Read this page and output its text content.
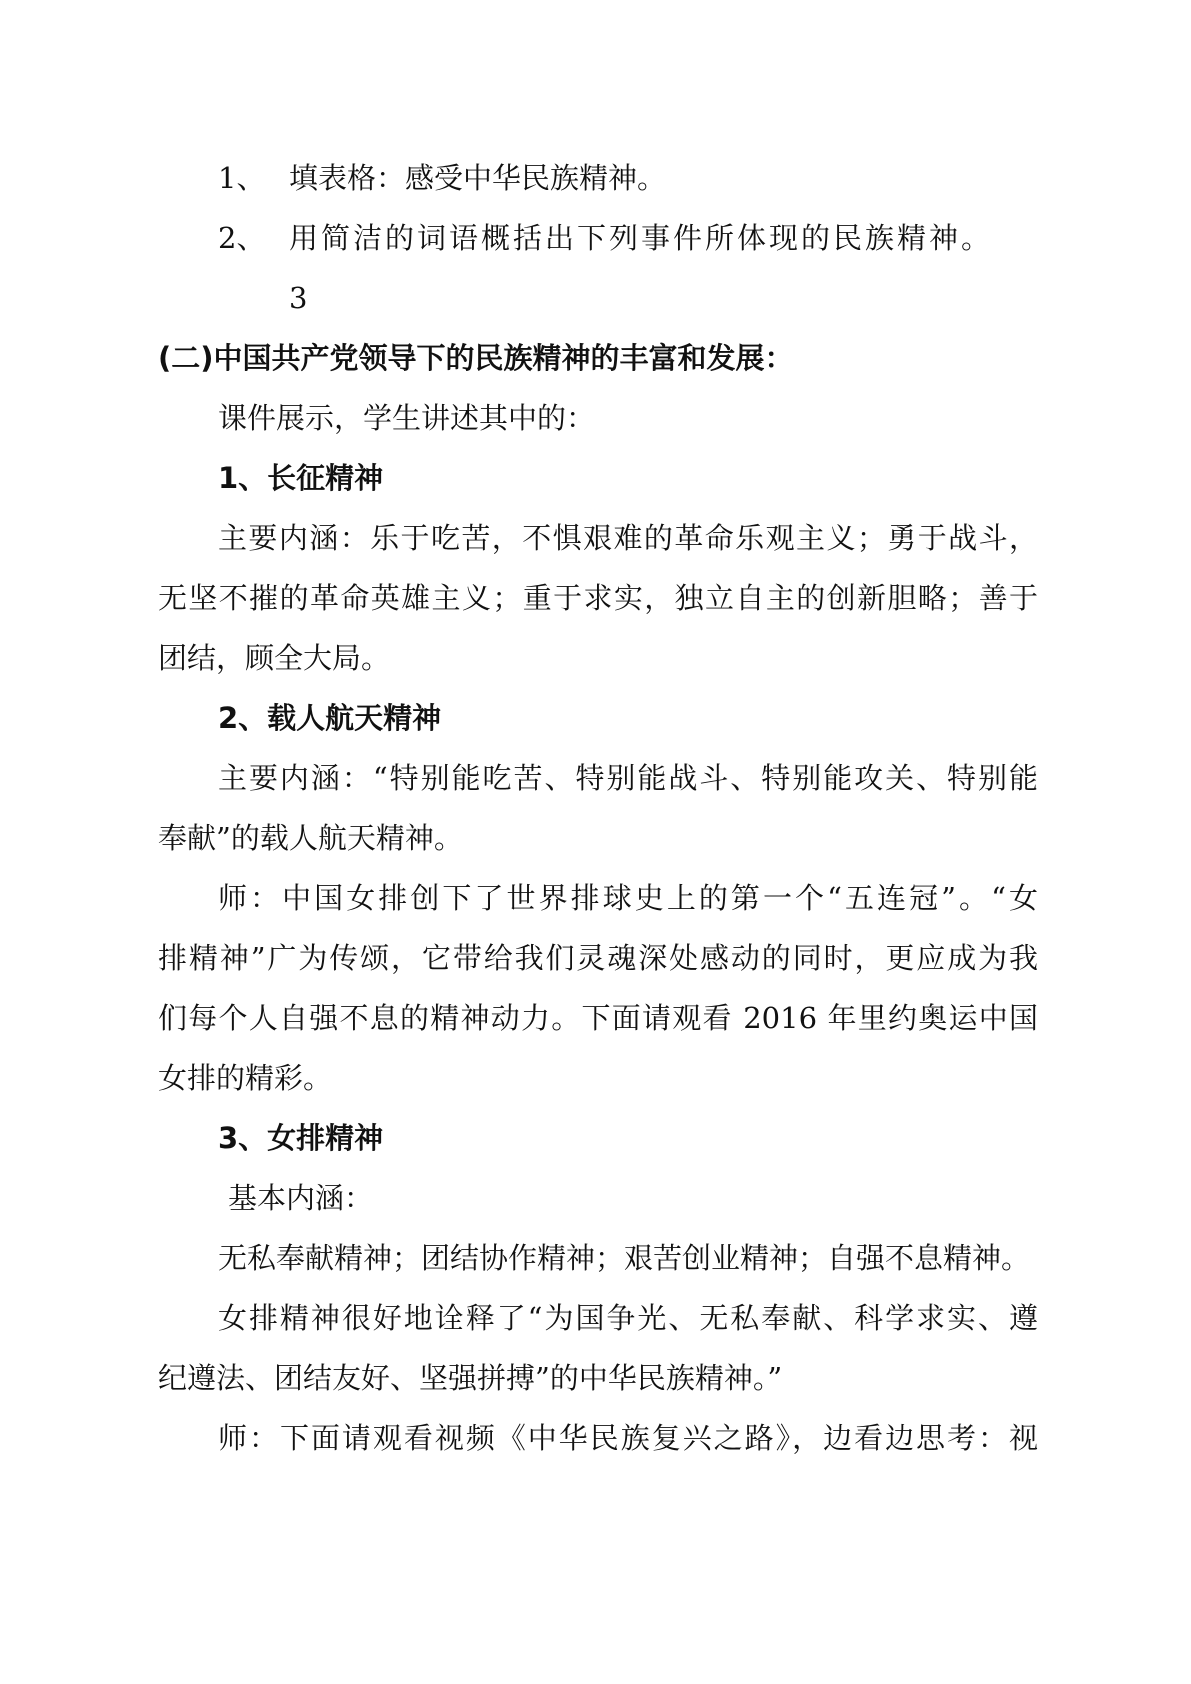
1、 填表格：感受中华民族精神。
2、 用简洁的词语概括出下列事件所体现的民族精神。
3
(二)中国共产党领导下的民族精神的丰富和发展：
课件展示，学生讲述其中的：
1、长征精神
主要内涵：乐于吃苦，不惧艰难的革命乐观主义；勇于战斗，
无坚不摧的革命英雄主义；重于求实，独立自主的创新胆略；善于
团结，顾全大局。
2、载人航天精神
主要内涵：“特别能吃苦、特别能战斗、特别能攻关、特别能
奉献”的载人航天精神。
师：中国女排创下了世界排球史上的第一个“五连冠”。“女
排精神”广为传颂，它带给我们灵魂深处感动的同时，更应成为我
们每个人自强不息的精神动力。下面请观看 2016 年里约奥运中国
女排的精彩。
3、女排精神
基本内涵：
无私奉献精神；团结协作精神；艰苦创业精神；自强不息精神。
女排精神很好地诠释了“为国争光、无私奉献、科学求实、遵
纪遵法、团结友好、坚强拼搏”的中华民族精神。”
师：下面请观看视频《中华民族复兴之路》，边看边思考：视
